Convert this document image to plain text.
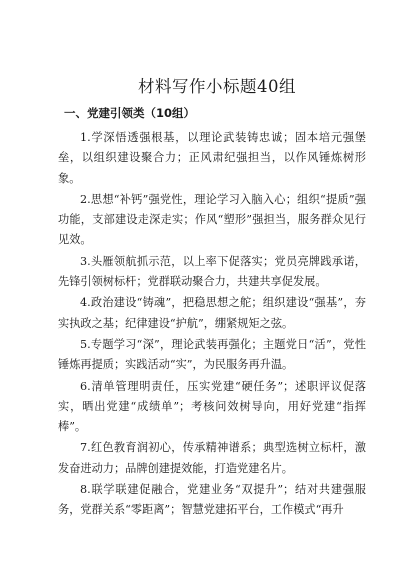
材料写作小标题40组
一、党建引领类（10组）

1.学深悟透强根基，以理论武装铸忠诚；固本培元强堡垒，以组织建设聚合力；正风肃纪强担当，以作风锤炼树形象。

2.思想“补钙”强党性，理论学习入脑入心；组织“提质”强功能，支部建设走深走实；作风“塑形”强担当，服务群众见行见效。

3.头雁领航抓示范，以上率下促落实；党员亮牌践承诺，先锋引领树标杆；党群联动聚合力，共建共享促发展。

4.政治建设“铸魂”，把稳思想之舵；组织建设“强基”，夯实执政之基；纪律建设“护航”，绷紧规矩之弦。

5.专题学习“深”，理论武装再强化；主题党日“活”，党性锤炼再提质；实践活动“实”，为民服务再升温。

6.清单管理明责任，压实党建“硬任务”；述职评议促落实，晒出党建“成绩单”；考核问效树导向，用好党建“指挥棒”。

7.红色教育润初心，传承精神谱系；典型选树立标杆，激发奋进动力；品牌创建提效能，打造党建名片。

8.联学联建促融合，党建业务“双提升”；结对共建强服务，党群关系“零距离”；智慧党建拓平台，工作模式“再升
